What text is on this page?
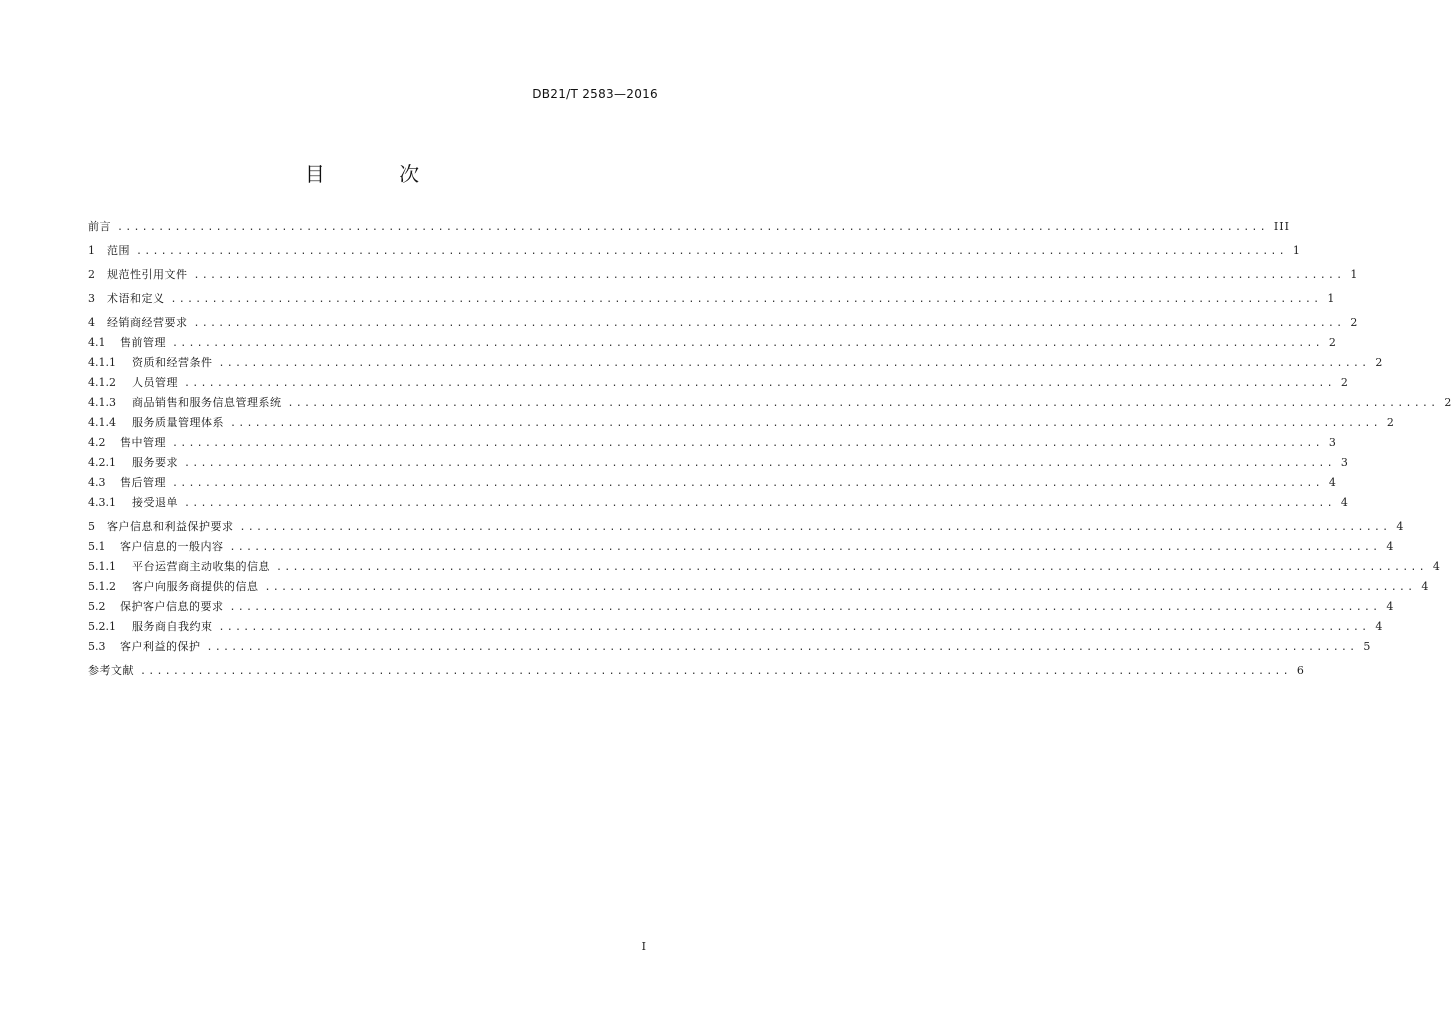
DB21/T 2583—2016
目 次
前言 ............................................................................................................................................ III
1	范围 ............................................................................................................................................ 1
2	规范性引用文件 ............................................................................................................................................ 1
3	术语和定义 ............................................................................................................................................ 1
4	经销商经营要求 ............................................................................................................................................ 2
4.1	售前管理 ............................................................................................................................................ 2
4.1.1	资质和经营条件 ............................................................................................................................................ 2
4.1.2	人员管理 ............................................................................................................................................ 2
4.1.3	商品销售和服务信息管理系统 ............................................................................................................................................ 2
4.1.4	服务质量管理体系 ............................................................................................................................................ 2
4.2	售中管理 ............................................................................................................................................ 3
4.2.1	服务要求 ............................................................................................................................................ 3
4.3	售后管理 ............................................................................................................................................ 4
4.3.1	接受退单 ............................................................................................................................................ 4
5	客户信息和利益保护要求 ............................................................................................................................................ 4
5.1	客户信息的一般内容 ............................................................................................................................................ 4
5.1.1	平台运营商主动收集的信息 ............................................................................................................................................ 4
5.1.2	客户向服务商提供的信息 ............................................................................................................................................ 4
5.2	保护客户信息的要求 ............................................................................................................................................ 4
5.2.1	服务商自我约束 ............................................................................................................................................ 4
5.3	客户利益的保护 ............................................................................................................................................ 5
参考文献 ............................................................................................................................................ 6
I
